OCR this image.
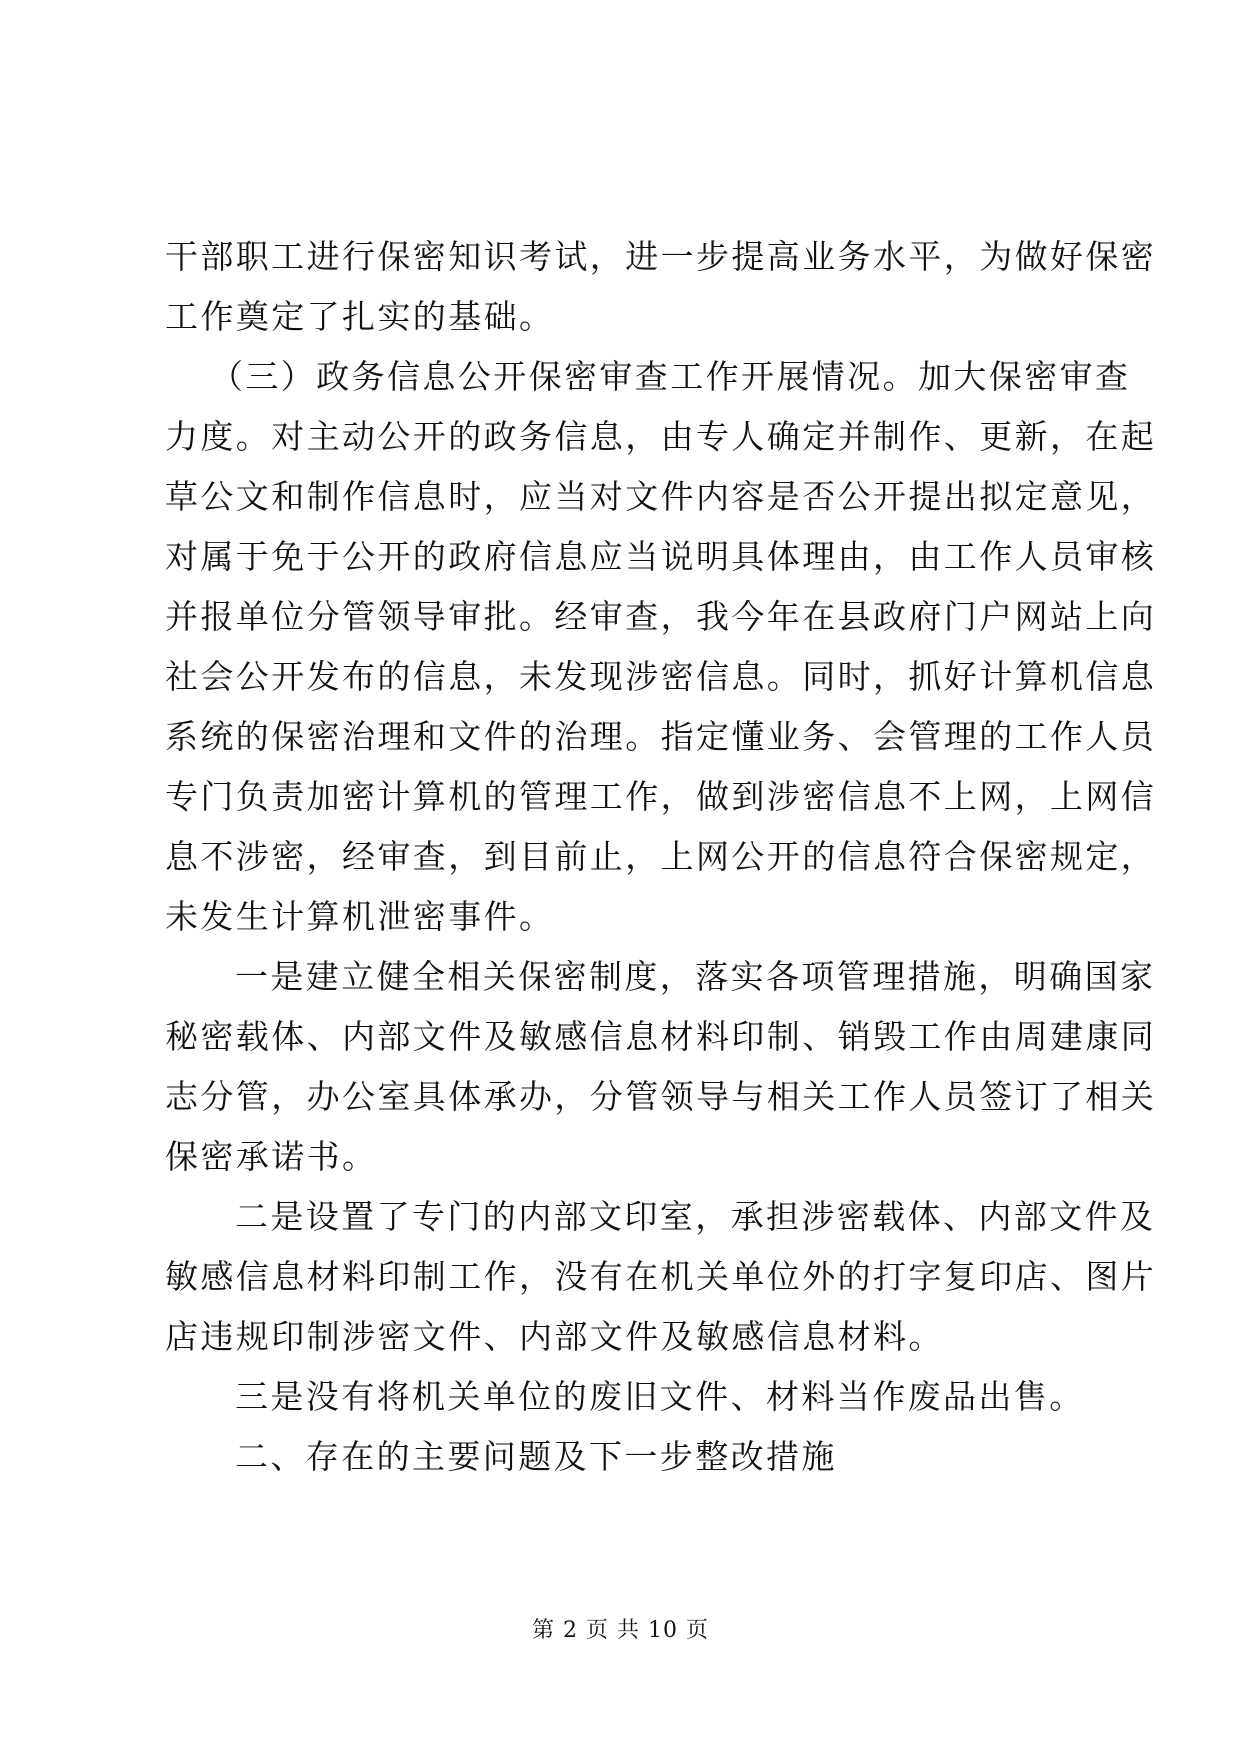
干部职工进行保密知识考试，进一步提高业务水平，为做好保密
工作奠定了扎实的基础。
（三）政务信息公开保密审查工作开展情况。加大保密审查
力度。对主动公开的政务信息，由专人确定并制作、更新，在起
草公文和制作信息时，应当对文件内容是否公开提出拟定意见，
对属于免于公开的政府信息应当说明具体理由，由工作人员审核
并报单位分管领导审批。经审查，我今年在县政府门户网站上向
社会公开发布的信息，未发现涉密信息。同时，抓好计算机信息
系统的保密治理和文件的治理。指定懂业务、会管理的工作人员
专门负责加密计算机的管理工作，做到涉密信息不上网，上网信
息不涉密，经审查，到目前止，上网公开的信息符合保密规定，
未发生计算机泄密事件。
一是建立健全相关保密制度，落实各项管理措施，明确国家
秘密载体、内部文件及敏感信息材料印制、销毁工作由周建康同
志分管，办公室具体承办，分管领导与相关工作人员签订了相关
保密承诺书。
二是设置了专门的内部文印室，承担涉密载体、内部文件及
敏感信息材料印制工作，没有在机关单位外的打字复印店、图片
店违规印制涉密文件、内部文件及敏感信息材料。
三是没有将机关单位的废旧文件、材料当作废品出售。
二、存在的主要问题及下一步整改措施
第 2 页 共 10 页
